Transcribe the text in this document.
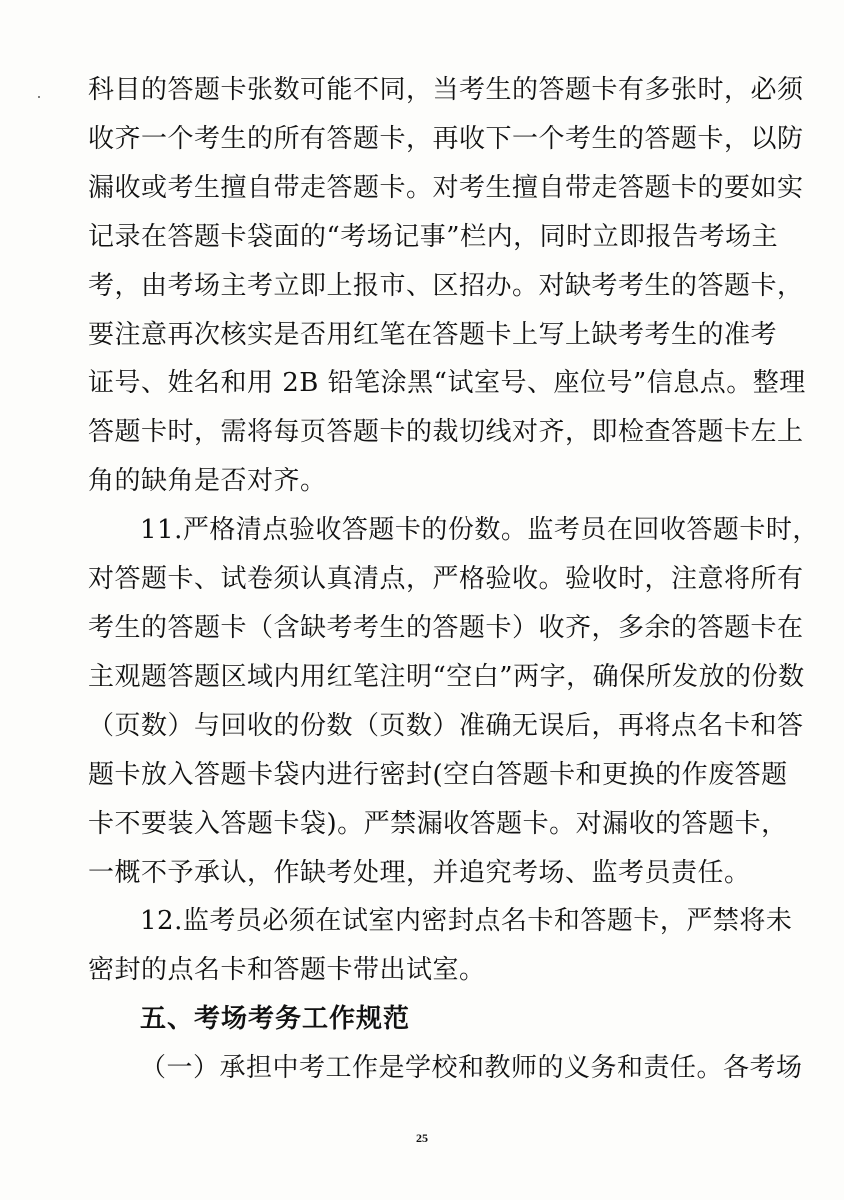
科目的答题卡张数可能不同，当考生的答题卡有多张时，必须
收齐一个考生的所有答题卡，再收下一个考生的答题卡，以防
漏收或考生擅自带走答题卡。对考生擅自带走答题卡的要如实
记录在答题卡袋面的“考场记事”栏内，同时立即报告考场主
考，由考场主考立即上报市、区招办。对缺考考生的答题卡，
要注意再次核实是否用红笔在答题卡上写上缺考考生的准考
证号、姓名和用 2B 铅笔涂黑“试室号、座位号”信息点。整理
答题卡时，需将每页答题卡的裁切线对齐，即检查答题卡左上
角的缺角是否对齐。

11.严格清点验收答题卡的份数。监考员在回收答题卡时，
对答题卡、试卷须认真清点，严格验收。验收时，注意将所有
考生的答题卡（含缺考考生的答题卡）收齐，多余的答题卡在
主观题答题区域内用红笔注明“空白”两字，确保所发放的份数
（页数）与回收的份数（页数）准确无误后，再将点名卡和答
题卡放入答题卡袋内进行密封(空白答题卡和更换的作废答题
卡不要装入答题卡袋)。严禁漏收答题卡。对漏收的答题卡，
一概不予承认，作缺考处理，并追究考场、监考员责任。

12.监考员必须在试室内密封点名卡和答题卡，严禁将未
密封的点名卡和答题卡带出试室。

五、考场考务工作规范

（一）承担中考工作是学校和教师的义务和责任。各考场

25
